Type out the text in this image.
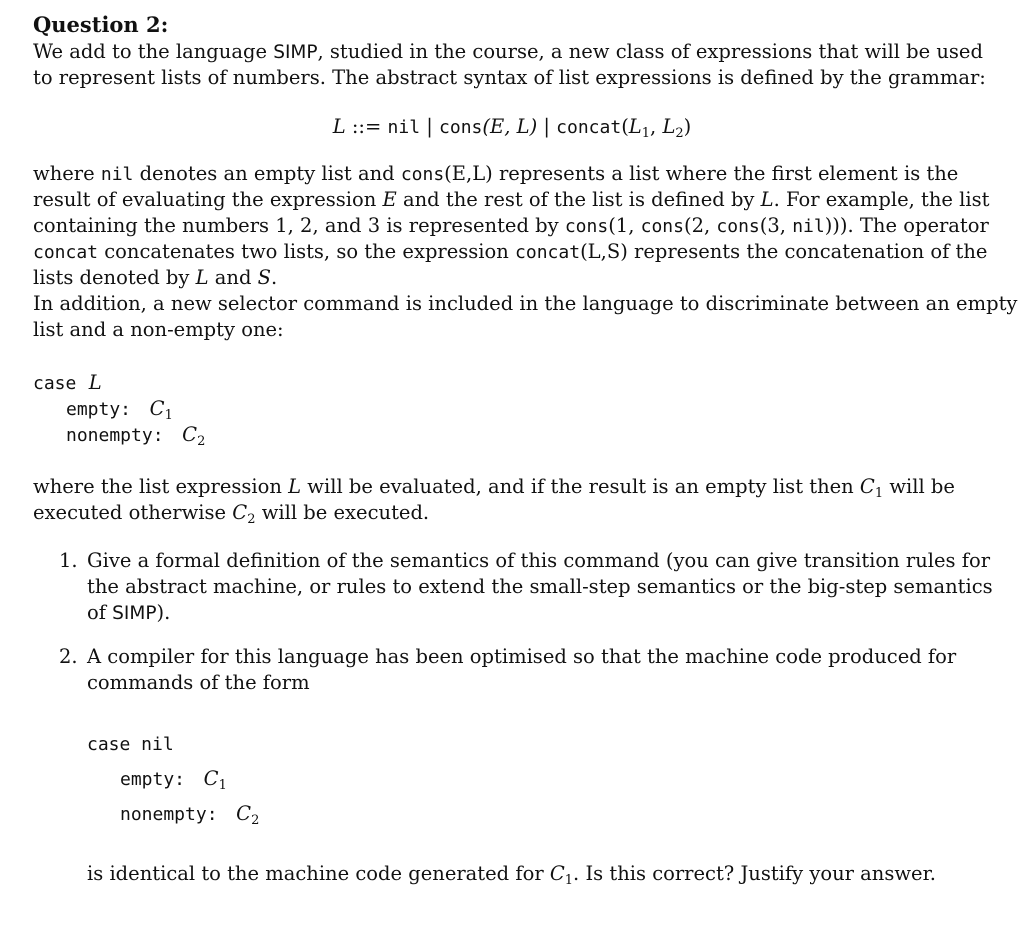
Question 2:
We add to the language SIMP, studied in the course, a new class of expressions that will be used
to represent lists of numbers. The abstract syntax of list expressions is defined by the grammar:
L ::= nil | cons(E, L) | $concat(L_1$, $L_2$)
where nil denotes an empty list and cons(E,L) represents a list where the first element is the
result of evaluating the expression E and the rest of the list is defined by L. For example, the list
containing the numbers 1, 2, and 3 is represented by cons(1, cons(2, cons(3, nil))). The operator
concat concatenates two lists, so the expression concat(L,S) represents the concatenation of the
lists denoted by L and S.
In addition, a new selector command is included in the language to discriminate between an empty
list and a non-empty one:
case L
empty: $C_1$
nonempty: $C_2$
where the list expression L will be evaluated, and if the result is an empty list then $C_1$ will be
executed otherwise $C_2$ will be executed.
1. Give a formal definition of the semantics of this command (you can give transition rules for
the abstract machine, or rules to extend the small-step semantics or the big-step semantics
of SIMP).
2. A compiler for this language has been optimised so that the machine code produced for
commands of the form
case nil
empty: $C_1$
nonempty: $C_2$
is identical to the machine code generated for $C_1$. Is this correct? Justify your answer.
